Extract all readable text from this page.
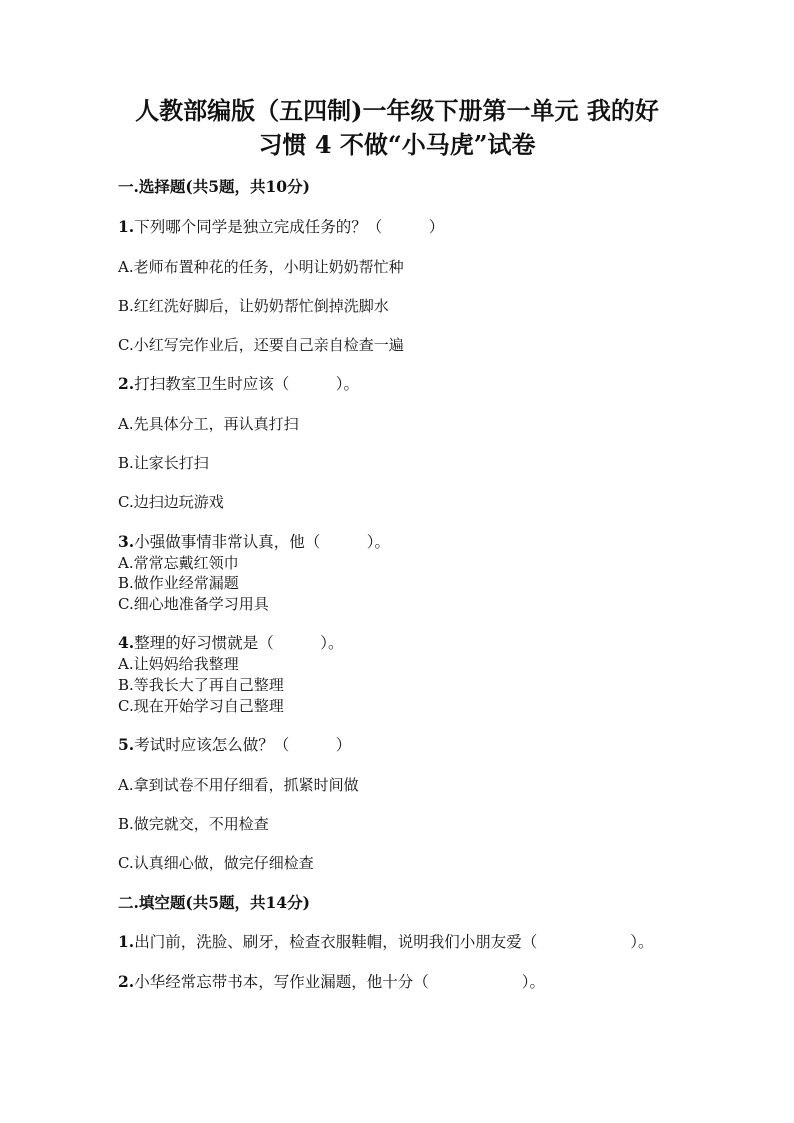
人教部编版（五四制)一年级下册第一单元 我的好
习惯 4 不做“小马虎”试卷
一.选择题(共5题，共10分)
1.下列哪个同学是独立完成任务的？（　　　）
A.老师布置种花的任务，小明让奶奶帮忙种
B.红红洗好脚后，让奶奶帮忙倒掉洗脚水
C.小红写完作业后，还要自己亲自检查一遍
2.打扫教室卫生时应该（　　　）。
A.先具体分工，再认真打扫
B.让家长打扫
C.边扫边玩游戏
3.小强做事情非常认真，他（　　　）。
A.常常忘戴红领巾
B.做作业经常漏题
C.细心地准备学习用具
4.整理的好习惯就是（　　　）。
A.让妈妈给我整理
B.等我长大了再自己整理
C.现在开始学习自己整理
5.考试时应该怎么做？（　　　）
A.拿到试卷不用仔细看，抓紧时间做
B.做完就交，不用检查
C.认真细心做，做完仔细检查
二.填空题(共5题，共14分)
1.出门前，洗脸、刷牙，检查衣服鞋帽，说明我们小朋友爱（　　　　　　）。
2.小华经常忘带书本，写作业漏题，他十分（　　　　　　）。
